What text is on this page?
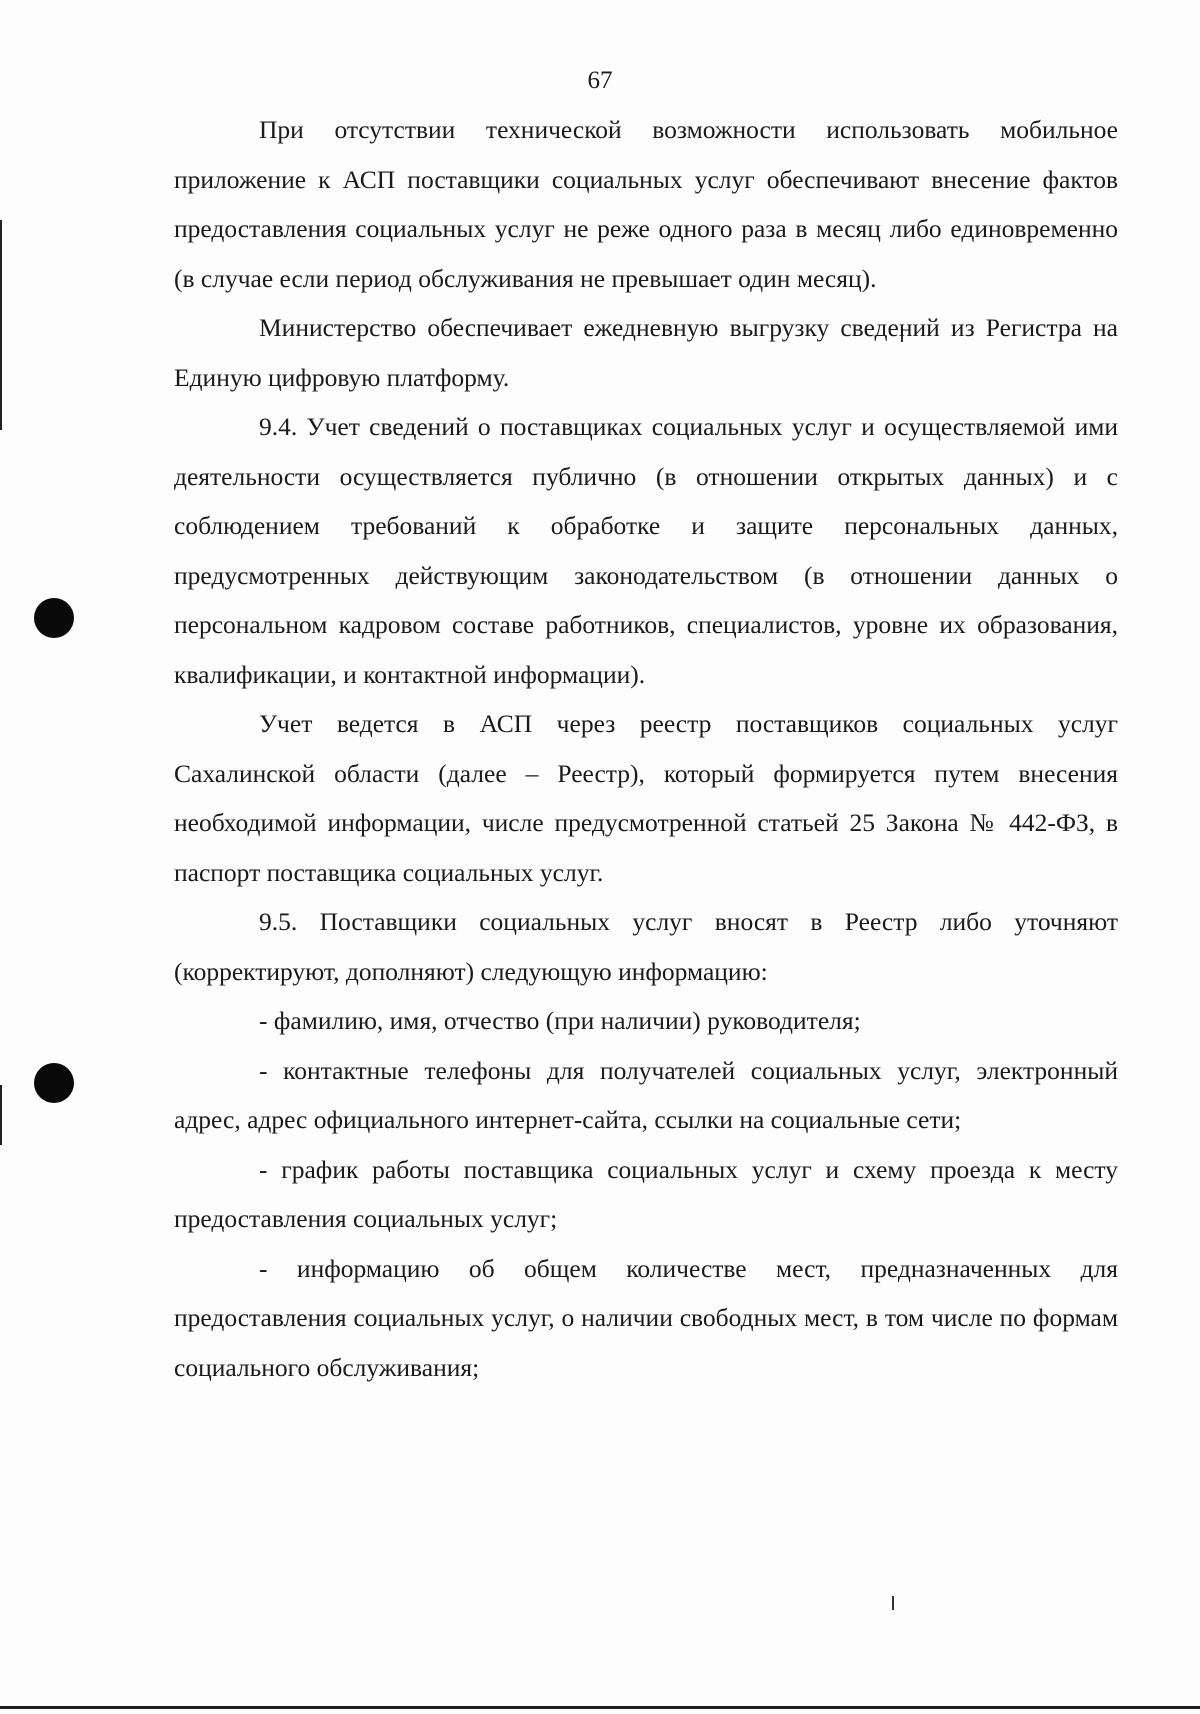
67

При отсутствии технической возможности использовать мобильное приложение к АСП поставщики социальных услуг обеспечивают внесение фактов предоставления социальных услуг не реже одного раза в месяц либо единовременно (в случае если период обслуживания не превышает один месяц).

Министерство обеспечивает ежедневную выгрузку сведений из Регистра на Единую цифровую платформу.

9.4. Учет сведений о поставщиках социальных услуг и осуществляемой ими деятельности осуществляется публично (в отношении открытых данных) и с соблюдением требований к обработке и защите персональных данных, предусмотренных действующим законодательством (в отношении данных о персональном кадровом составе работников, специалистов, уровне их образования, квалификации, и контактной информации).

Учет ведется в АСП через реестр поставщиков социальных услуг Сахалинской области (далее – Реестр), который формируется путем внесения необходимой информации, числе предусмотренной статьей 25 Закона № 442-ФЗ, в паспорт поставщика социальных услуг.

9.5. Поставщики социальных услуг вносят в Реестр либо уточняют (корректируют, дополняют) следующую информацию:

- фамилию, имя, отчество (при наличии) руководителя;

- контактные телефоны для получателей социальных услуг, электронный адрес, адрес официального интернет-сайта, ссылки на социальные сети;

- график работы поставщика социальных услуг и схему проезда к месту предоставления социальных услуг;

- информацию об общем количестве мест, предназначенных для предоставления социальных услуг, о наличии свободных мест, в том числе по формам социального обслуживания;
